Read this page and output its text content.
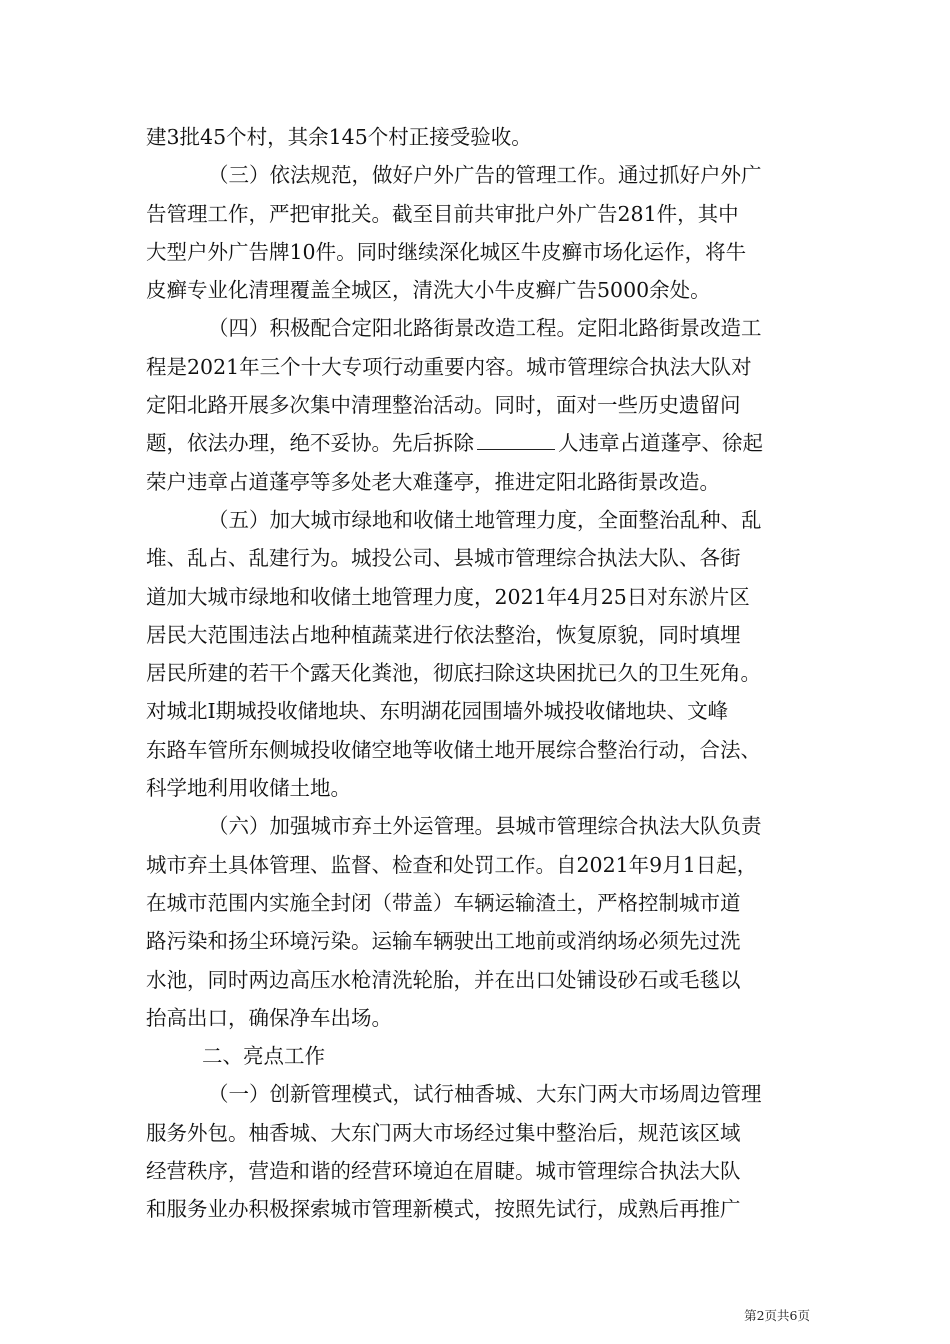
建3批45个村，其余145个村正接受验收。
（三）依法规范，做好户外广告的管理工作。通过抓好户外广
告管理工作，严把审批关。截至目前共审批户外广告281件，其中
大型户外广告牌10件。同时继续深化城区牛皮癣市场化运作，将牛
皮癣专业化清理覆盖全城区，清洗大小牛皮癣广告5000余处。
（四）积极配合定阳北路街景改造工程。定阳北路街景改造工
程是2021年三个十大专项行动重要内容。城市管理综合执法大队对
定阳北路开展多次集中清理整治活动。同时，面对一些历史遗留问
题，依法办理，绝不妥协。先后拆除	人违章占道蓬亭、徐起
荣户违章占道蓬亭等多处老大难蓬亭，推进定阳北路街景改造。
（五）加大城市绿地和收储土地管理力度，全面整治乱种、乱
堆、乱占、乱建行为。城投公司、县城市管理综合执法大队、各街
道加大城市绿地和收储土地管理力度，2021年4月25日对东淤片区
居民大范围违法占地种植蔬菜进行依法整治，恢复原貌，同时填埋
居民所建的若干个露天化粪池，彻底扫除这块困扰已久的卫生死角。
对城北Ⅰ期城投收储地块、东明湖花园围墙外城投收储地块、文峰
东路车管所东侧城投收储空地等收储土地开展综合整治行动，合法、
科学地利用收储土地。
（六）加强城市弃土外运管理。县城市管理综合执法大队负责
城市弃土具体管理、监督、检查和处罚工作。自2021年9月1日起，
在城市范围内实施全封闭（带盖）车辆运输渣土，严格控制城市道
路污染和扬尘环境污染。运输车辆驶出工地前或消纳场必须先过洗
水池，同时两边高压水枪清洗轮胎，并在出口处铺设砂石或毛毯以
抬高出口，确保净车出场。
二、亮点工作
（一）创新管理模式，试行柚香城、大东门两大市场周边管理
服务外包。柚香城、大东门两大市场经过集中整治后，规范该区域
经营秩序，营造和谐的经营环境迫在眉睫。城市管理综合执法大队
和服务业办积极探索城市管理新模式，按照先试行，成熟后再推广
第2页共6页
